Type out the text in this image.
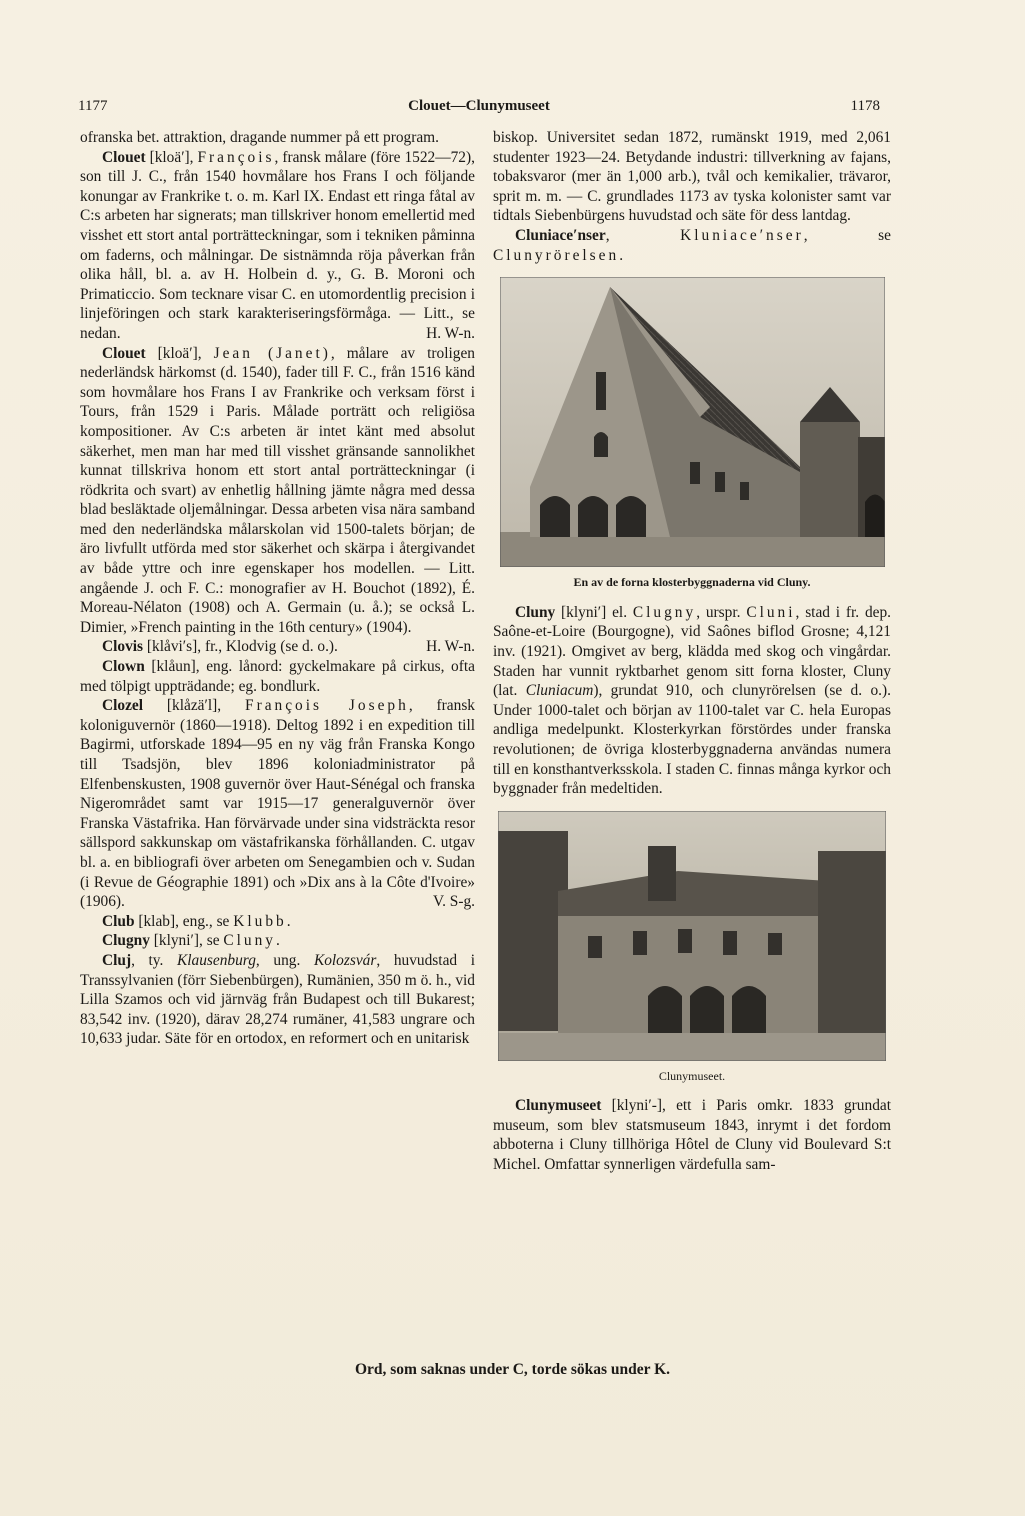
1177	Clouet—Clunymuseet	1178

ofranska bet. attraktion, dragande nummer på ett program.

Clouet [kloä′], François, fransk målare (före 1522—72), son till J. C., från 1540 hovmålare hos Frans I och följande konungar av Frankrike t. o. m. Karl IX. Endast ett ringa fåtal av C:s arbeten har signerats; man tillskriver honom emellertid med visshet ett stort antal porträtteckningar, som i tekniken påminna om faderns, och målningar. De sistnämnda röja påverkan från olika håll, bl. a. av H. Holbein d. y., G. B. Moroni och Primaticcio. Som tecknare visar C. en utomordentlig precision i linjeföringen och stark karakteriseringsförmåga. — Litt., se nedan.	H. W-n.

Clouet [kloä′], Jean (Janet), målare av troligen nederländsk härkomst (d. 1540), fader till F. C., från 1516 känd som hovmålare hos Frans I av Frankrike och verksam först i Tours, från 1529 i Paris. Målade porträtt och religiösa kompositioner. Av C:s arbeten är intet känt med absolut säkerhet, men man har med till visshet gränsande sannolikhet kunnat tillskriva honom ett stort antal porträtteckningar (i rödkrita och svart) av enhetlig hållning jämte några med dessa blad besläktade oljemålningar. Dessa arbeten visa nära samband med den nederländska målarskolan vid 1500-talets början; de äro livfullt utförda med stor säkerhet och skärpa i återgivandet av både yttre och inre egenskaper hos modellen. — Litt. angående J. och F. C.: monografier av H. Bouchot (1892), É. Moreau-Nélaton (1908) och A. Germain (u. å.); se också L. Dimier, »French painting in the 16th century» (1904).
H. W-n.

Clovis [klåvi′s], fr., Klodvig (se d. o.).

Clown [klåun], eng. lånord: gyckelmakare på cirkus, ofta med tölpigt uppträdande; eg. bondlurk.

Clozel [klåzä′l], François Joseph, fransk koloniguvernör (1860—1918). Deltog 1892 i en expedition till Bagirmi, utforskade 1894—95 en ny väg från Franska Kongo till Tsadsjön, blev 1896 koloniadministrator på Elfenbenskusten, 1908 guvernör över Haut-Sénégal och franska Nigerområdet samt var 1915—17 generalguvernör över Franska Västafrika. Han förvärvade under sina vidsträckta resor sällspord sakkunskap om västafrikanska förhållanden. C. utgav bl. a. en bibliografi över arbeten om Senegambien och v. Sudan (i Revue de Géographie 1891) och »Dix ans à la Côte d'Ivoire» (1906).	V. S-g.

Club [klab], eng., se Klubb.

Clugny [klyni′], se Cluny.

Cluj, ty. Klausenburg, ung. Kolozsvár, huvudstad i Transsylvanien (förr Siebenbürgen), Rumänien, 350 m ö. h., vid Lilla Szamos och vid järnväg från Budapest och till Bukarest; 83,542 inv. (1920), därav 28,274 rumäner, 41,583 ungrare och 10,633 judar. Säte för en ortodox, en reformert och en unitarisk

biskop. Universitet sedan 1872, rumänskt 1919, med 2,061 studenter 1923—24. Betydande industri: tillverkning av fajans, tobaksvaror (mer än 1,000 arb.), tvål och kemikalier, trävaror, sprit m. m. — C. grundlades 1173 av tyska kolonister samt var tidtals Siebenbürgens huvudstad och säte för dess lantdag.

Cluniace′nser, Kluniace′nser, se Clunyrörelsen.

En av de forna klosterbyggnaderna vid Cluny.

Cluny [klyni′] el. Clugny, urspr. Cluni, stad i fr. dep. Saône-et-Loire (Bourgogne), vid Saônes biflod Grosne; 4,121 inv. (1921). Omgivet av berg, klädda med skog och vingårdar. Staden har vunnit ryktbarhet genom sitt forna kloster, Cluny (lat. Cluniacum), grundat 910, och clunyrörelsen (se d. o.). Under 1000-talet och början av 1100-talet var C. hela Europas andliga medelpunkt. Klosterkyrkan förstördes under franska revolutionen; de övriga klosterbyggnaderna användas numera till en konsthantverksskola. I staden C. finnas många kyrkor och byggnader från medeltiden.

Clunymuseet.

Clunymuseet [klyni′-], ett i Paris omkr. 1833 grundat museum, som blev statsmuseum 1843, inrymt i det fordom abboterna i Cluny tillhöriga Hôtel de Cluny vid Boulevard S:t Michel. Omfattar synnerligen värdefulla sam-

Ord, som saknas under C, torde sökas under K.
